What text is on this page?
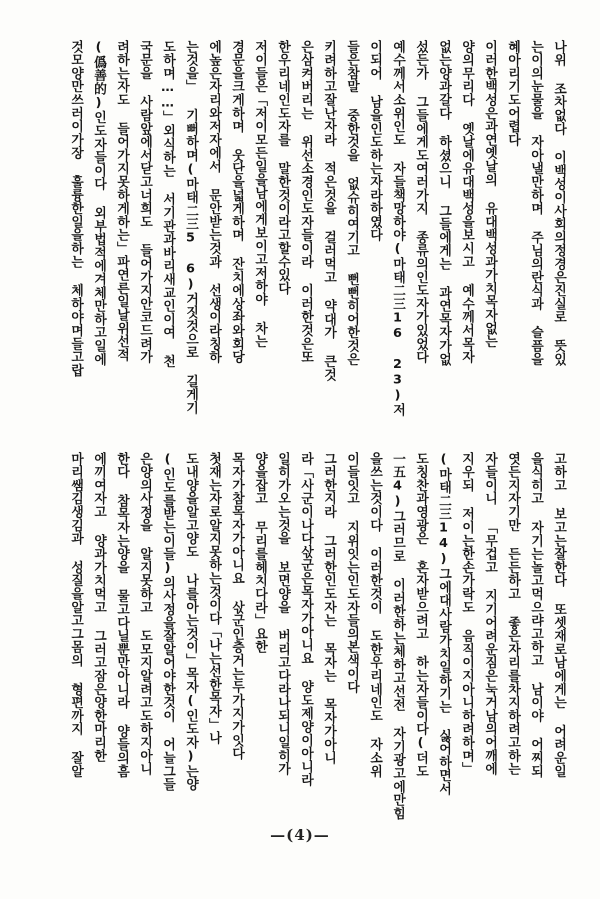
나위 조차없다 이백성이사회의정경은진실로 뜻있
는이의눈물을 자아낼만하며 주님의란식과 슬픔을
혜아리기도어렵다
이러한백성은과연옛날의 유대백성과가치목자없는
양의무리다 옛날에유대백성을보시고 예수께서목자
없는양과갈다 하셨으니 그들에게는 과연목자가없
섰든가 그들에게도여러가지 종류의인도자가있었다
예수께서소위인도 자들책망하야(마태二三16 23)저
이되어 남을인도하는자라하였다
들은참말 중한것을 없슈히여기고 뻔뻔히어한것은
키려하고잘난자라 적은것을 걸러먹고 약대가 큰것
은삼켜버리는 위선소경인도자들이라 이러한것은또
한우리네인도자를 말한것이라고할수있다
저이들은「저이모든일을남에게보이고저하야 차는
경문을크게하며 웃단을넓게하며 잔치에상좌와회당
에높은자리와저자에서 문안받는것과 선생이라칭하
는것을」 기뻐하며(마태二三5 6)거짓것으로 길게기
도하며……」외식하는 서기관과바리새교인이여 천
국문을 사람앞에서닫고너희도 들어가지안코드려가
려하는자도 들어가지못하게하는」파연른일날위선적
(僞善的)인도자들이다 외부법적에겨체만하고일에
것모양만쓰러이가장 훌륭한일을하는 체하야며들고랍
고하고 보고는잘한다 또셋재로남에게는 어려운일
을식히고 자기는놀고먹으랴고하고 남이야 어찌되
엿든지자기만 든든하고 좋은자리를차지하려고하는
자들이니 「무겁고 지기어려운짐은눅거남의어깨에
지우되 저이는한손가락도 음직이지아니하려하며」
(마태二三14)그에대사람가치일하기는 싫어하면서
도칭찬과영광은 혼자받으려고 하는자들이다(더도
一五4)그러므로 이러한하는체하고선전 자기광고에만힘
을쓰는것이다 이러한것이 도한우리네인도 자소위
이들잇고 지위잇는인도자들의본색이다
그러한지라 그러한인도자는 목자는 목자가아니
라「사군이나다삯군은목자가아니요 양도제양이아니라
일히가오는것을 보면양을 버리고다라나되니일히가
양을잡고 무리를헤치다라」요한
목자가참목자가아니요 삯군인층거는두가지가잇다
첫재는자로알지못하는것이다「나는선한목자」나
도내양을알고양도 나를아는것이」목자(인도자)는양
(인도를받는이들)의사정을잘알어야한것이 어늘그들
은양의사정을 알지못하고 도모지알려고도하지아니
한다 참목자는양을 물고다닐뿐만아니라 양들의흠
에끼여자고 양과가치먹고 그러고잠은양한마리한
마리쌤김생김과 성질을알고그몸의 형편까지 잘알
—(4)—
